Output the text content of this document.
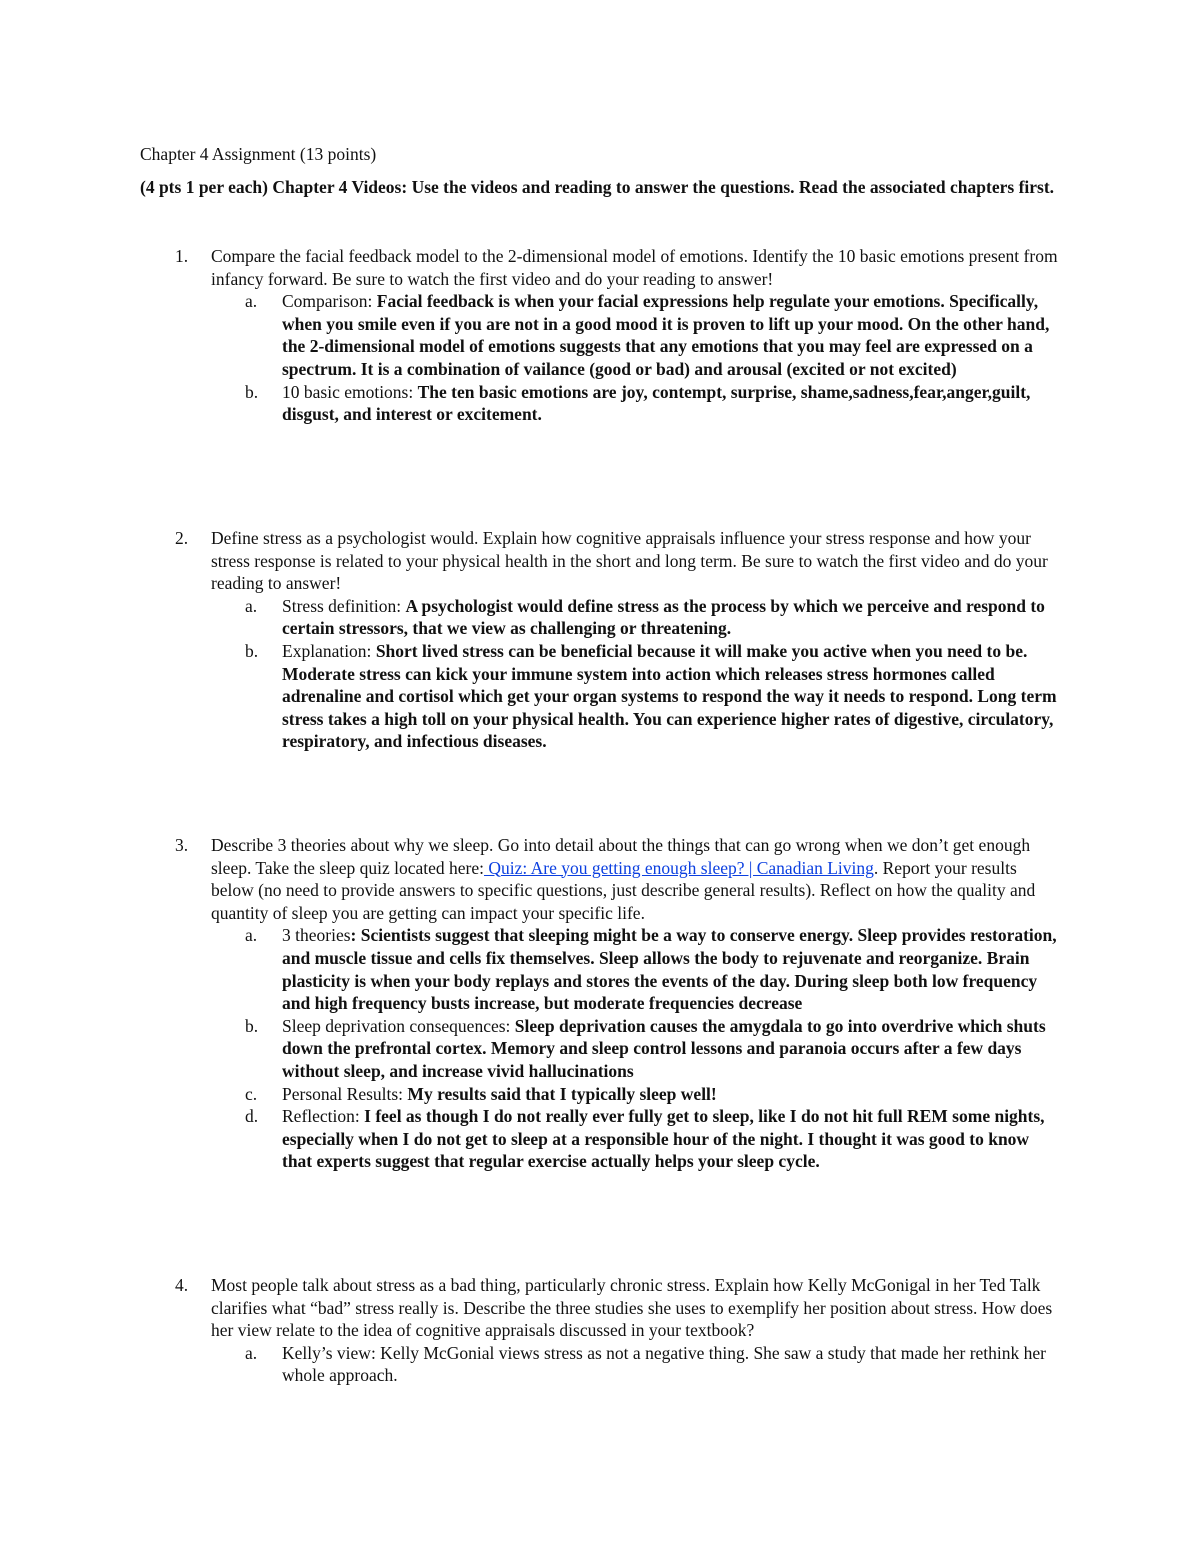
Chapter 4 Assignment (13 points)

(4 pts 1 per each) Chapter 4 Videos: Use the videos and reading to answer the questions. Read the associated chapters first.

1. Compare the facial feedback model to the 2-dimensional model of emotions. Identify the 10 basic emotions present from infancy forward. Be sure to watch the first video and do your reading to answer!

a. Comparison: Facial feedback is when your facial expressions help regulate your emotions. Specifically, when you smile even if you are not in a good mood it is proven to lift up your mood. On the other hand, the 2-dimensional model of emotions suggests that any emotions that you may feel are expressed on a spectrum. It is a combination of vailance (good or bad) and arousal (excited or not excited)
b. 10 basic emotions: The ten basic emotions are joy, contempt, surprise, shame,sadness,fear,anger,guilt, disgust, and interest or excitement.
2. Define stress as a psychologist would. Explain how cognitive appraisals influence your stress response and how your stress response is related to your physical health in the short and long term. Be sure to watch the first video and do your reading to answer!

a. Stress definition: A psychologist would define stress as the process by which we perceive and respond to certain stressors, that we view as challenging or threatening.
b. Explanation: Short lived stress can be beneficial because it will make you active when you need to be. Moderate stress can kick your immune system into action which releases stress hormones called adrenaline and cortisol which get your organ systems to respond the way it needs to respond. Long term stress takes a high toll on your physical health. You can experience higher rates of digestive, circulatory, respiratory, and infectious diseases.
3. Describe 3 theories about why we sleep. Go into detail about the things that can go wrong when we don’t get enough sleep. Take the sleep quiz located here: Quiz: Are you getting enough sleep? | Canadian Living. Report your results below (no need to provide answers to specific questions, just describe general results). Reflect on how the quality and quantity of sleep you are getting can impact your specific life.

a. 3 theories: Scientists suggest that sleeping might be a way to conserve energy. Sleep provides restoration, and muscle tissue and cells fix themselves. Sleep allows the body to rejuvenate and reorganize. Brain plasticity is when your body replays and stores the events of the day. During sleep both low frequency and high frequency busts increase, but moderate frequencies decrease
b. Sleep deprivation consequences: Sleep deprivation causes the amygdala to go into overdrive which shuts down the prefrontal cortex. Memory and sleep control lessons and paranoia occurs after a few days without sleep, and increase vivid hallucinations
c. Personal Results: My results said that I typically sleep well!
d. Reflection: I feel as though I do not really ever fully get to sleep, like I do not hit full REM some nights, especially when I do not get to sleep at a responsible hour of the night. I thought it was good to know that experts suggest that regular exercise actually helps your sleep cycle.
4. Most people talk about stress as a bad thing, particularly chronic stress. Explain how Kelly McGonigal in her Ted Talk clarifies what “bad” stress really is. Describe the three studies she uses to exemplify her position about stress. How does her view relate to the idea of cognitive appraisals discussed in your textbook?

a. Kelly’s view: Kelly McGonial views stress as not a negative thing. She saw a study that made her rethink her whole approach.
